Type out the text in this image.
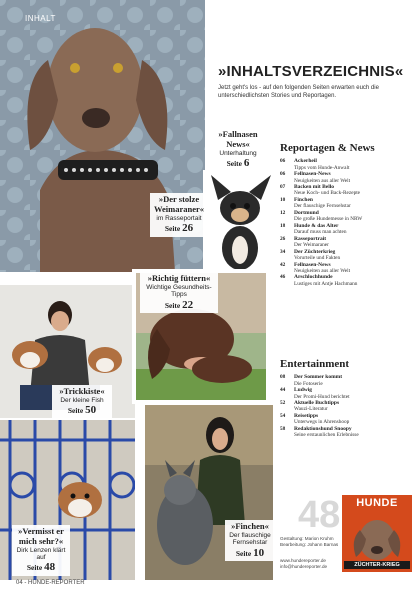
INHALT
»INHALTSVERZEICHNIS«

Jetzt geht's los - auf den folgenden Seiten erwarten euch die unterschiedlichsten Stories und Reportagen.

»Fallnasen News«
Unterhaltung
Seite 6
»Der stolze Weimaraner«
im Rasseportait
Seite 26
»Richtig füttern«
Wichtige Gesundheits-Tipps
Seite 22
»Trickkiste«
Der kleine Fish
Seite 50
»Vermisst er mich sehr?«
Dirk Lenzen klärt auf
Seite 48
»Finchen«
Der flauschige Fernsehstar
Seite 10
Reportagen & News
06	Ackerheil
Tipps vom Hunde-Anwalt
06	Fellnasen-News
Neuigkeiten aus aller Welt
07	Backen mit Bello
Neue Koch- und Back-Rezepte
10	Finchen
Der flauschige Fernsehstar
12	Dortmund
Die große Hundemesse in NRW
18	Hunde & das Alter
Darauf muss man achten
26	Rasseportrait
Der Weimaraner
34	Der Züchterkrieg
Vorurteile und Fakten
42	Fellnasen-News
Neuigkeiten aus aller Welt
46	Arschlochhunde
Lustiges mit Antje Hachmann
Entertainment
08	Der Sommer kommt
Die Fotoserie
44	Ludwig
Der Promi-Hund berichtet
52	Aktuelle Buchtipps
Wauzi-Literatur
54	Reisetipps
Unterwegs in Ahrenshoop
58	Redaktionshund Snoopy
Seine erstaunlichen Erlebnisse
48
Gestaltung: Marion Kruhm
Bearbeitung: Johann Barnas
www.hundereporter.de
info@hundereporter.de
HUNDE
ZÜCHTER-KRIEG
04 - HUNDE-REPORTER
